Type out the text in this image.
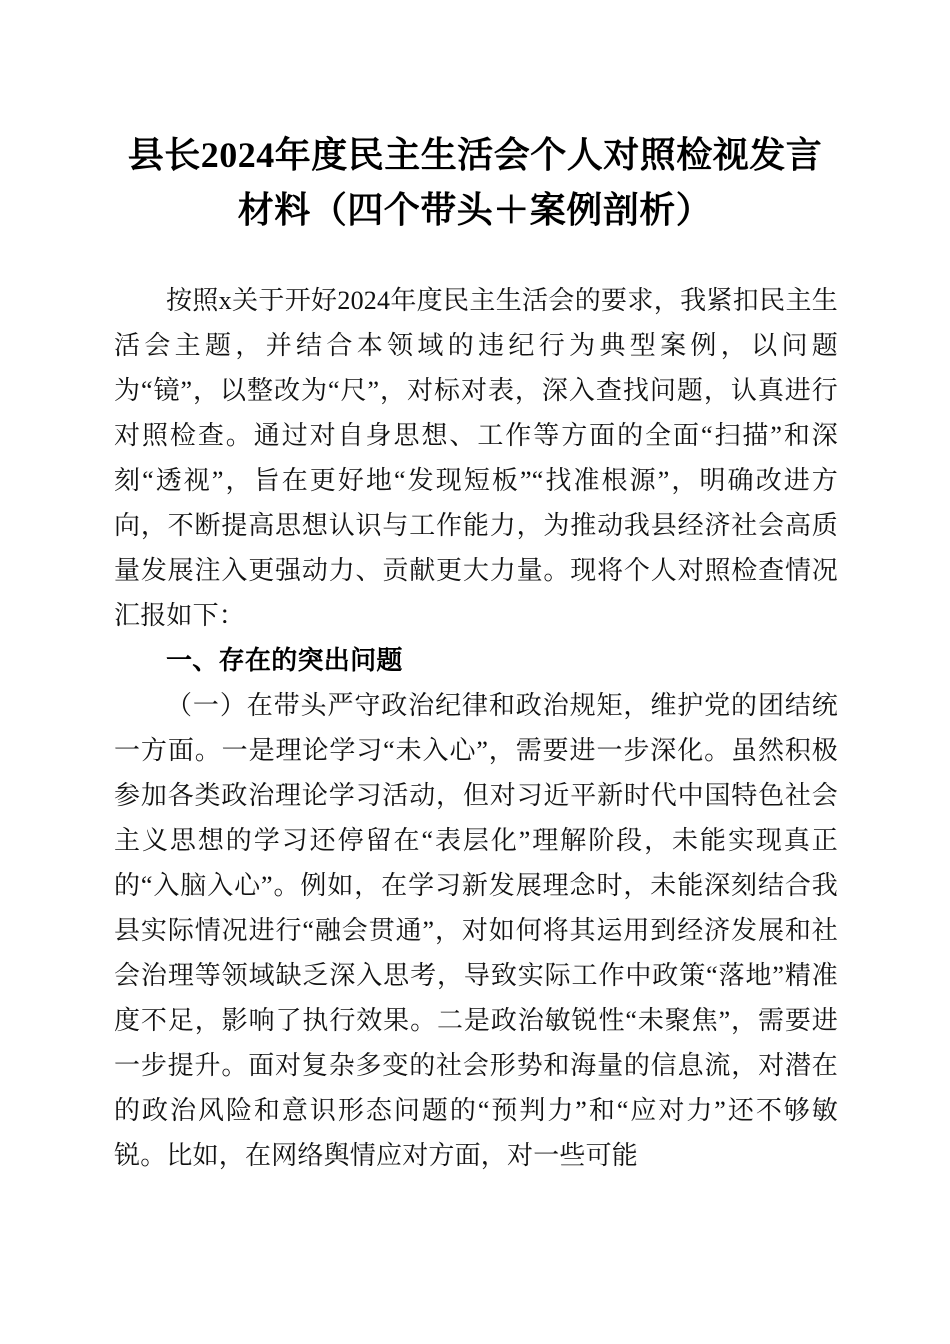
县长2024年度民主生活会个人对照检视发言
材料（四个带头＋案例剖析）

按照x关于开好2024年度民主生活会的要求，我紧扣民主生活会主题，并结合本领域的违纪行为典型案例，以问题为“镜”，以整改为“尺”，对标对表，深入查找问题，认真进行对照检查。通过对自身思想、工作等方面的全面“扫描”和深刻“透视”，旨在更好地“发现短板”“找准根源”，明确改进方向，不断提高思想认识与工作能力，为推动我县经济社会高质量发展注入更强动力、贡献更大力量。现将个人对照检查情况汇报如下：

一、存在的突出问题

（一）在带头严守政治纪律和政治规矩，维护党的团结统一方面。一是理论学习“未入心”，需要进一步深化。虽然积极参加各类政治理论学习活动，但对习近平新时代中国特色社会主义思想的学习还停留在“表层化”理解阶段，未能实现真正的“入脑入心”。例如，在学习新发展理念时，未能深刻结合我县实际情况进行“融会贯通”，对如何将其运用到经济发展和社会治理等领域缺乏深入思考，导致实际工作中政策“落地”精准度不足，影响了执行效果。二是政治敏锐性“未聚焦”，需要进一步提升。面对复杂多变的社会形势和海量的信息流，对潜在的政治风险和意识形态问题的“预判力”和“应对力”还不够敏锐。比如，在网络舆情应对方面，对一些可能
